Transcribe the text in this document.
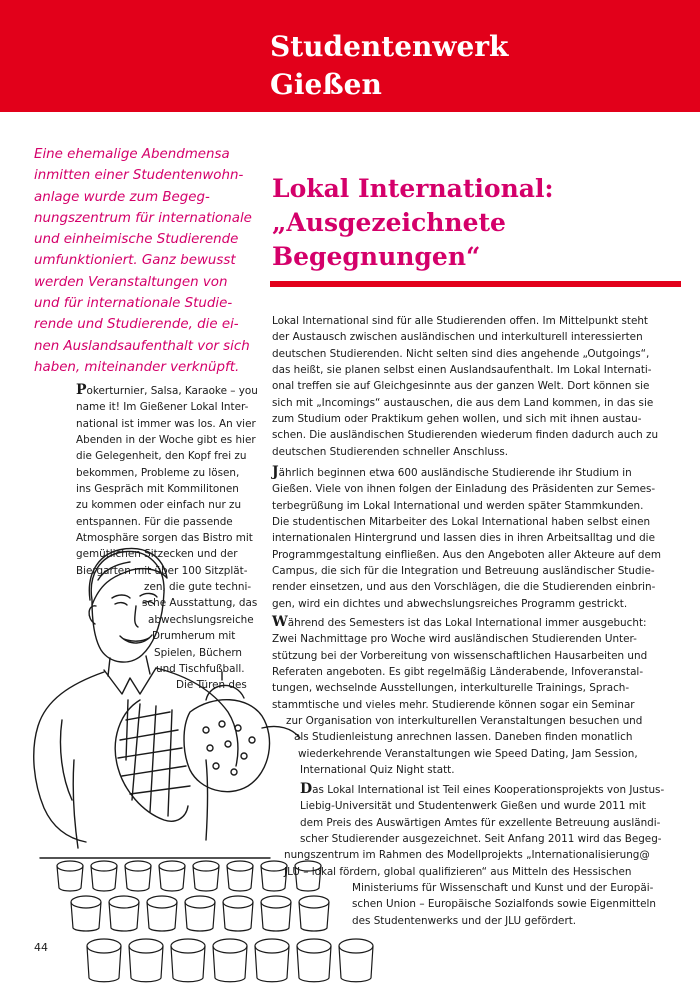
Studentenwerk
Gießen

Eine ehemalige Abendmensa
inmitten einer Studentenwohn-
anlage wurde zum Begeg-
nungszentrum für internationale
und einheimische Studierende
umfunktioniert. Ganz bewusst
werden Veranstaltungen von
und für internationale Studie-
rende und Studierende, die ei-
nen Auslandsaufenthalt vor sich
haben, miteinander verknüpft.

Lokal International:
„Ausgezeichnete
Begegnungen“
Pokerturnier, Salsa, Karaoke – you
name it! Im Gießener Lokal Inter-
national ist immer was los. An vier
Abenden in der Woche gibt es hier
die Gelegenheit, den Kopf frei zu
bekommen, Probleme zu lösen,
ins Gespräch mit Kommilitonen
zu kommen oder einfach nur zu
entspannen. Für die passende
Atmosphäre sorgen das Bistro mit
gemütlichen Sitzecken und der
Biergarten mit über 100 Sitzplät-
zen, die gute techni-
sche Ausstattung, das
abwechslungsreiche
Drumherum mit
Spielen, Büchern
und Tischfußball.
Die Türen des
Lokal International sind für alle Studierenden offen. Im Mittelpunkt steht
der Austausch zwischen ausländischen und interkulturell interessierten
deutschen Studierenden. Nicht selten sind dies angehende „Outgoings“,
das heißt, sie planen selbst einen Auslandsaufenthalt. Im Lokal Internati-
onal treffen sie auf Gleichgesinnte aus der ganzen Welt. Dort können sie
sich mit „Incomings“ austauschen, die aus dem Land kommen, in das sie
zum Studium oder Praktikum gehen wollen, und sich mit ihnen austau-
schen. Die ausländischen Studierenden wiederum finden dadurch auch zu
deutschen Studierenden schneller Anschluss.
Jährlich beginnen etwa 600 ausländische Studierende ihr Studium in
Gießen. Viele von ihnen folgen der Einladung des Präsidenten zur Semes-
terbegrüßung im Lokal International und werden später Stammkunden.
Die studentischen Mitarbeiter des Lokal International haben selbst einen
internationalen Hintergrund und lassen dies in ihren Arbeitsalltag und die
Programmgestaltung einfließen. Aus den Angeboten aller Akteure auf dem
Campus, die sich für die Integration und Betreuung ausländischer Studie-
render einsetzen, und aus den Vorschlägen, die die Studierenden einbrin-
gen, wird ein dichtes und abwechslungsreiches Programm gestrickt.
Während des Semesters ist das Lokal International immer ausgebucht:
Zwei Nachmittage pro Woche wird ausländischen Studierenden Unter-
stützung bei der Vorbereitung von wissenschaftlichen Hausarbeiten und
Referaten angeboten. Es gibt regelmäßig Länderabende, Infoveranstal-
tungen, wechselnde Ausstellungen, interkulturelle Trainings, Sprach-
stammtische und vieles mehr. Studierende können sogar ein Seminar
zur Organisation von interkulturellen Veranstaltungen besuchen und
als Studienleistung anrechnen lassen. Daneben finden monatlich
wiederkehrende Veranstaltungen wie Speed Dating, Jam Session,
International Quiz Night statt.
Das Lokal International ist Teil eines Kooperationsprojekts von Justus-
Liebig-Universität und Studentenwerk Gießen und wurde 2011 mit
dem Preis des Auswärtigen Amtes für exzellente Betreuung ausländi-
scher Studierender ausgezeichnet. Seit Anfang 2011 wird das Begeg-
nungszentrum im Rahmen des Modellprojekts „Internationalisierung@
JLU – lokal fördern, global qualifizieren“ aus Mitteln des Hessischen
Ministeriums für Wissenschaft und Kunst und der Europäi-
schen Union – Europäische Sozialfonds sowie Eigenmitteln
des Studentenwerks und der JLU gefördert.
44
